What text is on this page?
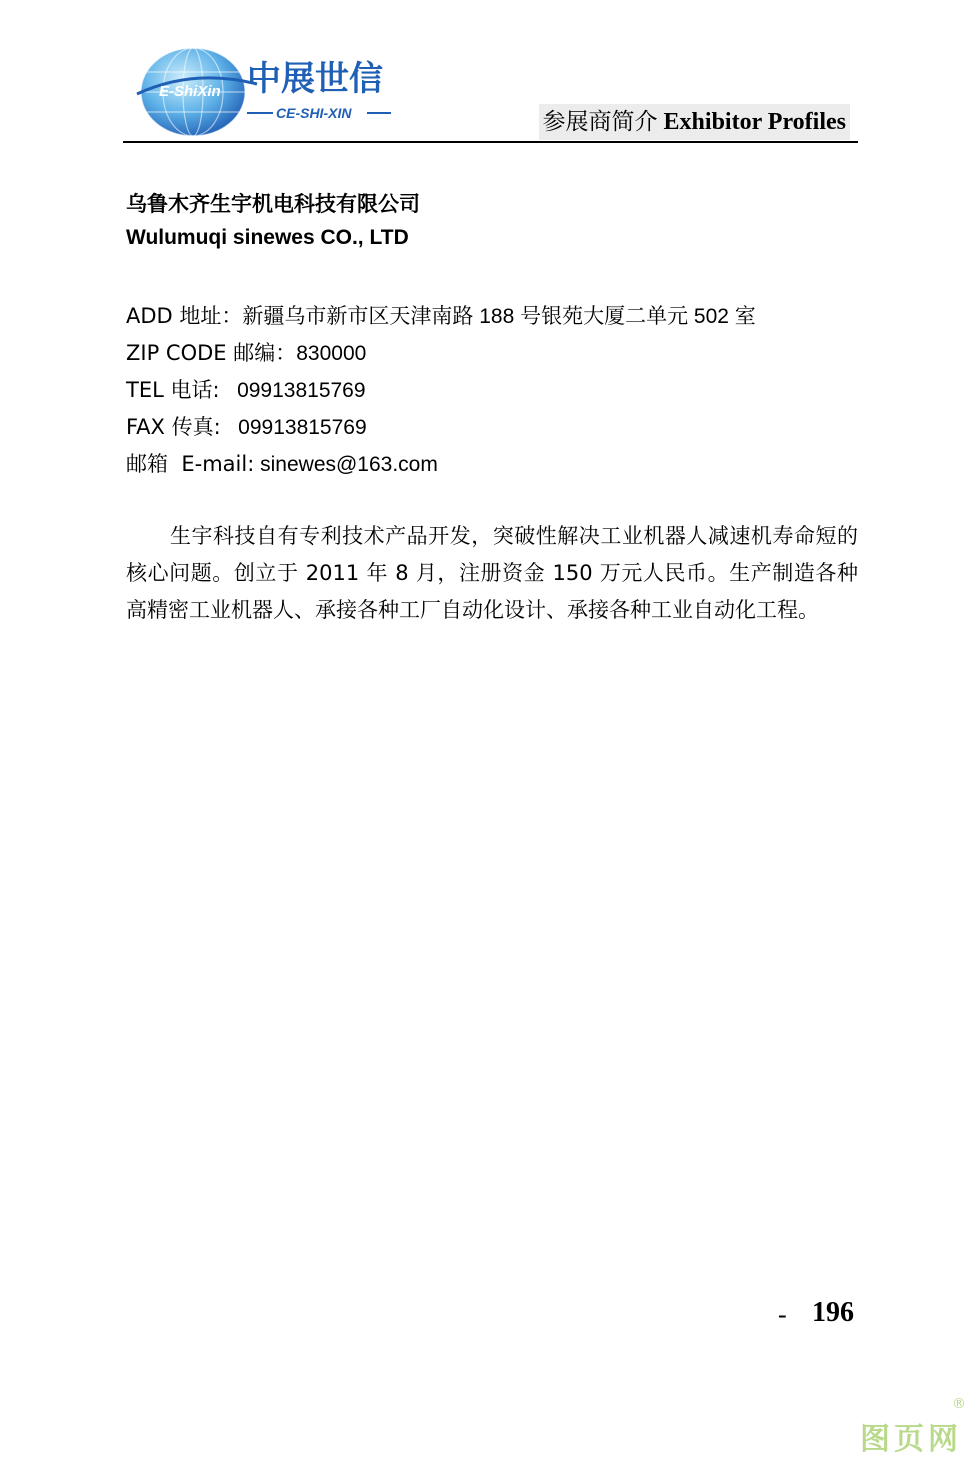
E-ShiXin 中展世信
CE-SHI-XIN	参展商简介 Exhibitor Profiles
乌鲁木齐生宇机电科技有限公司
Wulumuqi sinewes CO., LTD
ADD 地址：新疆乌市新市区天津南路 188 号银苑大厦二单元 502 室
ZIP CODE 邮编：830000
TEL 电话: 09913815769
FAX 传真: 09913815769
邮箱  E-mail: sinewes@163.com
生宇科技自有专利技术产品开发，突破性解决工业机器人减速机寿命短的核心问题。创立于 2011 年 8 月，注册资金 150 万元人民币。生产制造各种高精密工业机器人、承接各种工厂自动化设计、承接各种工业自动化工程。
- 196
图页网
®
